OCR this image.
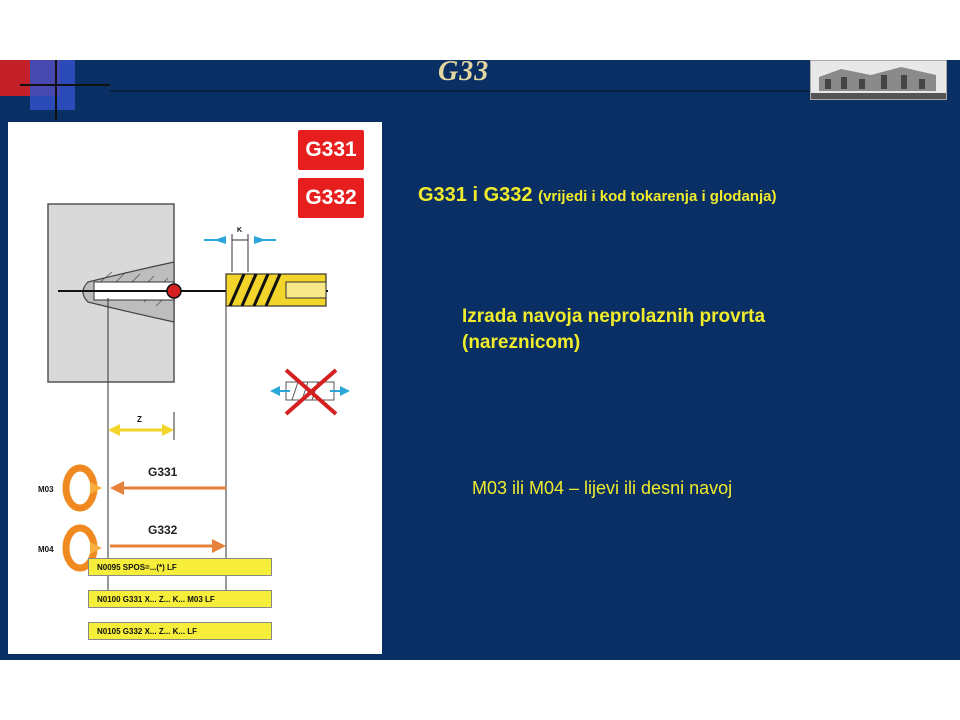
G33
K
Z
G331
G332
M03
M04
G331
G332
N0095 SPOS=...(*) LF
N0100 G331 X... Z... K... M03 LF
N0105 G332 X... Z... K... LF
G331 i G332 (vrijedi i kod tokarenja i glodanja)
Izrada navoja neprolaznih provrta
(nareznicom)
M03 ili M04 – lijevi ili desni navoj
